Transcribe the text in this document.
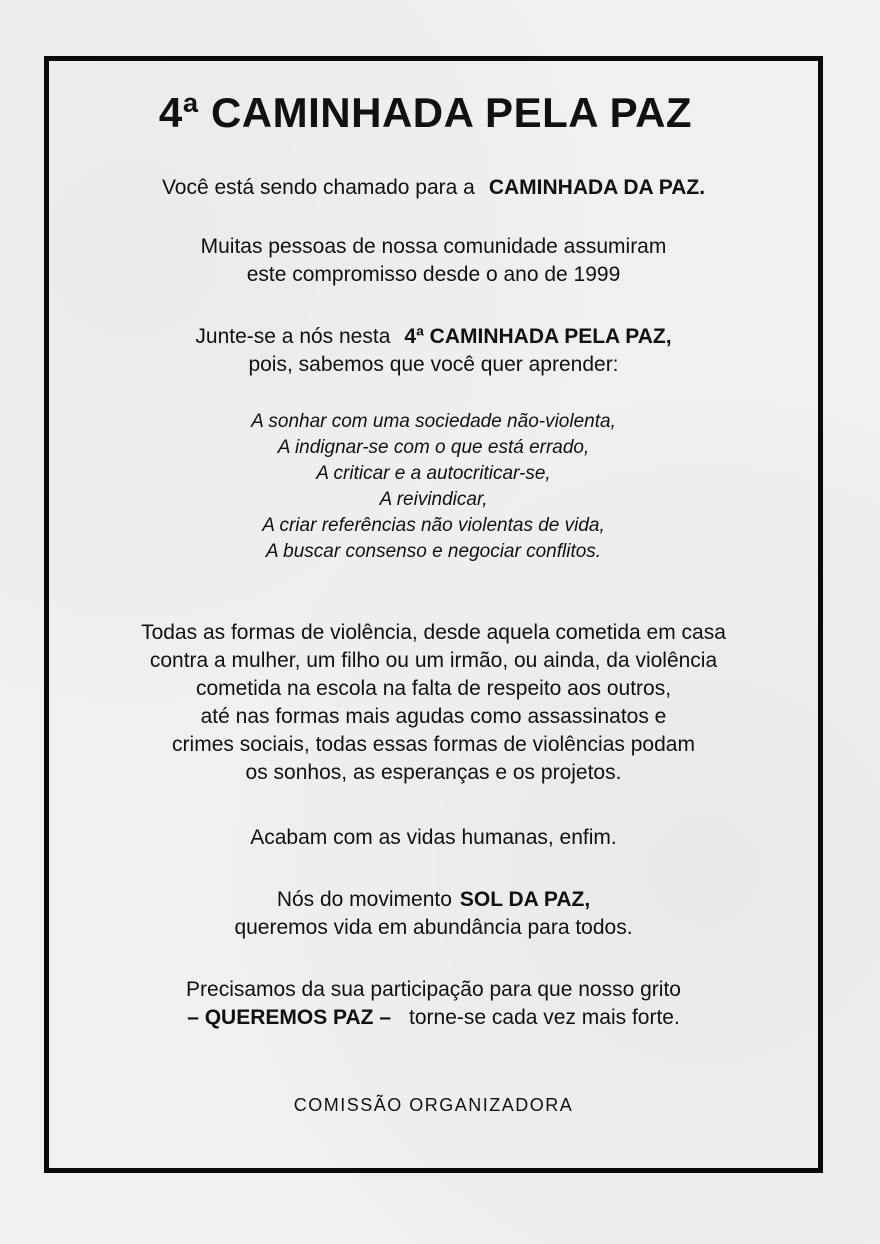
4ª CAMINHADA PELA PAZ
Você está sendo chamado para a CAMINHADA DA PAZ.
Muitas pessoas de nossa comunidade assumiram
este compromisso desde o ano de 1999
Junte-se a nós nesta 4ª CAMINHADA PELA PAZ,
pois, sabemos que você quer aprender:
A sonhar com uma sociedade não-violenta,
A indignar-se com o que está errado,
A criticar e a autocriticar-se,
A reivindicar,
A criar referências não violentas de vida,
A buscar consenso e negociar conflitos.
Todas as formas de violência, desde aquela cometida em casa
contra a mulher, um filho ou um irmão, ou ainda, da violência
cometida na escola na falta de respeito aos outros,
até nas formas mais agudas como assassinatos e
crimes sociais, todas essas formas de violências podam
os sonhos, as esperanças e os projetos.
Acabam com as vidas humanas, enfim.
Nós do movimento SOL DA PAZ,
queremos vida em abundância para todos.
Precisamos da sua participação para que nosso grito
– QUEREMOS PAZ – torne-se cada vez mais forte.
COMISSÃO ORGANIZADORA
